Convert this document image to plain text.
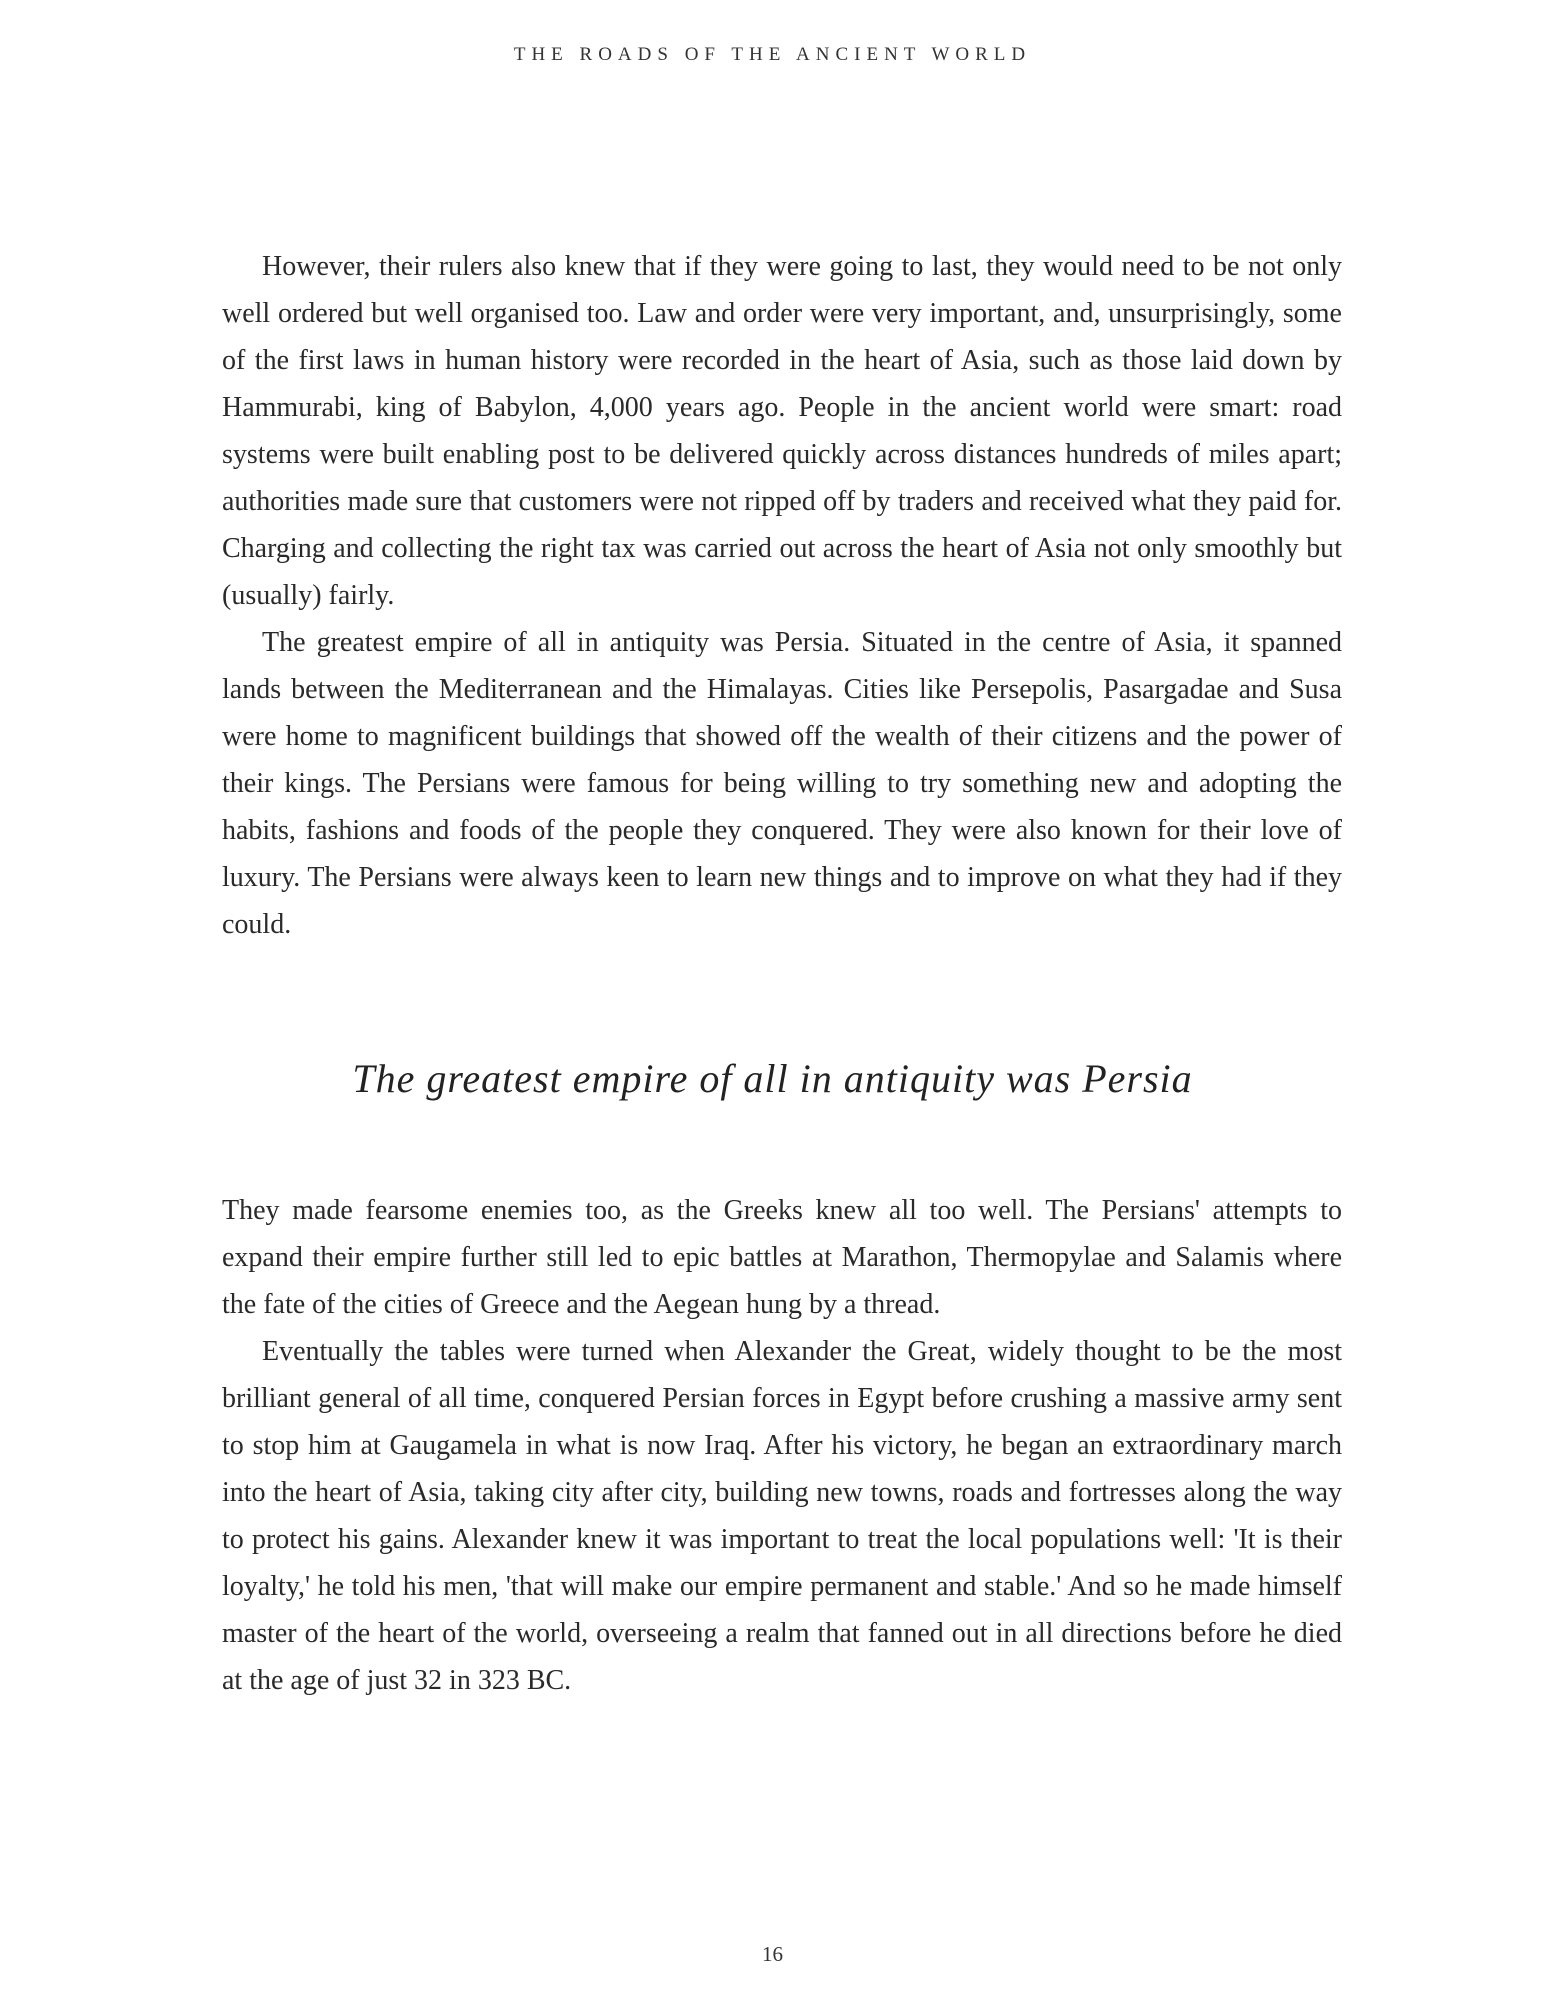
THE ROADS OF THE ANCIENT WORLD

However, their rulers also knew that if they were going to last, they would need to be not only well ordered but well organised too. Law and order were very important, and, unsurprisingly, some of the first laws in human history were recorded in the heart of Asia, such as those laid down by Hammurabi, king of Babylon, 4,000 years ago. People in the ancient world were smart: road systems were built enabling post to be delivered quickly across distances hundreds of miles apart; authorities made sure that customers were not ripped off by traders and received what they paid for. Charging and collecting the right tax was carried out across the heart of Asia not only smoothly but (usually) fairly.

The greatest empire of all in antiquity was Persia. Situated in the centre of Asia, it spanned lands between the Mediterranean and the Himalayas. Cities like Persepolis, Pasargadae and Susa were home to magnificent buildings that showed off the wealth of their citizens and the power of their kings. The Persians were famous for being willing to try something new and adopting the habits, fashions and foods of the people they conquered. They were also known for their love of luxury. The Persians were always keen to learn new things and to improve on what they had if they could.

The greatest empire of all in antiquity was Persia

They made fearsome enemies too, as the Greeks knew all too well. The Persians' attempts to expand their empire further still led to epic battles at Marathon, Thermopylae and Salamis where the fate of the cities of Greece and the Aegean hung by a thread.

Eventually the tables were turned when Alexander the Great, widely thought to be the most brilliant general of all time, conquered Persian forces in Egypt before crushing a massive army sent to stop him at Gaugamela in what is now Iraq. After his victory, he began an extraordinary march into the heart of Asia, taking city after city, building new towns, roads and fortresses along the way to protect his gains. Alexander knew it was important to treat the local populations well: 'It is their loyalty,' he told his men, 'that will make our empire permanent and stable.' And so he made himself master of the heart of the world, overseeing a realm that fanned out in all directions before he died at the age of just 32 in 323 BC.

16
